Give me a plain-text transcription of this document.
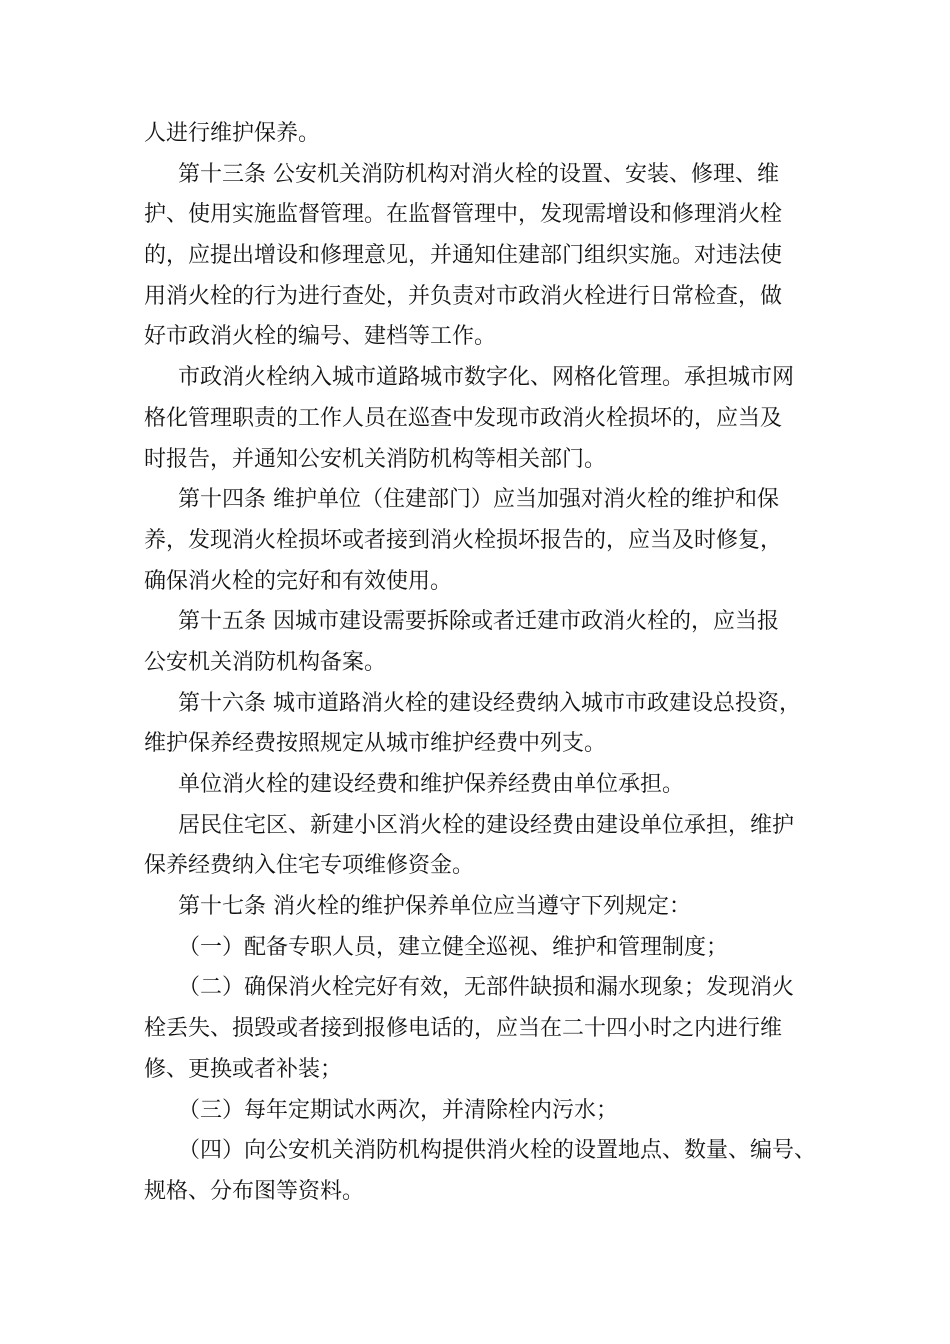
人进行维护保养。
第十三条 公安机关消防机构对消火栓的设置、安装、修理、维
护、使用实施监督管理。在监督管理中，发现需增设和修理消火栓
的，应提出增设和修理意见，并通知住建部门组织实施。对违法使
用消火栓的行为进行查处，并负责对市政消火栓进行日常检查，做
好市政消火栓的编号、建档等工作。
市政消火栓纳入城市道路城市数字化、网格化管理。承担城市网
格化管理职责的工作人员在巡查中发现市政消火栓损坏的，应当及
时报告，并通知公安机关消防机构等相关部门。
第十四条 维护单位（住建部门）应当加强对消火栓的维护和保
养，发现消火栓损坏或者接到消火栓损坏报告的，应当及时修复，
确保消火栓的完好和有效使用。
第十五条 因城市建设需要拆除或者迁建市政消火栓的，应当报
公安机关消防机构备案。
第十六条 城市道路消火栓的建设经费纳入城市市政建设总投资，
维护保养经费按照规定从城市维护经费中列支。
单位消火栓的建设经费和维护保养经费由单位承担。
居民住宅区、新建小区消火栓的建设经费由建设单位承担，维护
保养经费纳入住宅专项维修资金。
第十七条 消火栓的维护保养单位应当遵守下列规定：
（一）配备专职人员，建立健全巡视、维护和管理制度；
（二）确保消火栓完好有效，无部件缺损和漏水现象；发现消火
栓丢失、损毁或者接到报修电话的，应当在二十四小时之内进行维
修、更换或者补装；
（三）每年定期试水两次，并清除栓内污水；
（四）向公安机关消防机构提供消火栓的设置地点、数量、编号、
规格、分布图等资料。
